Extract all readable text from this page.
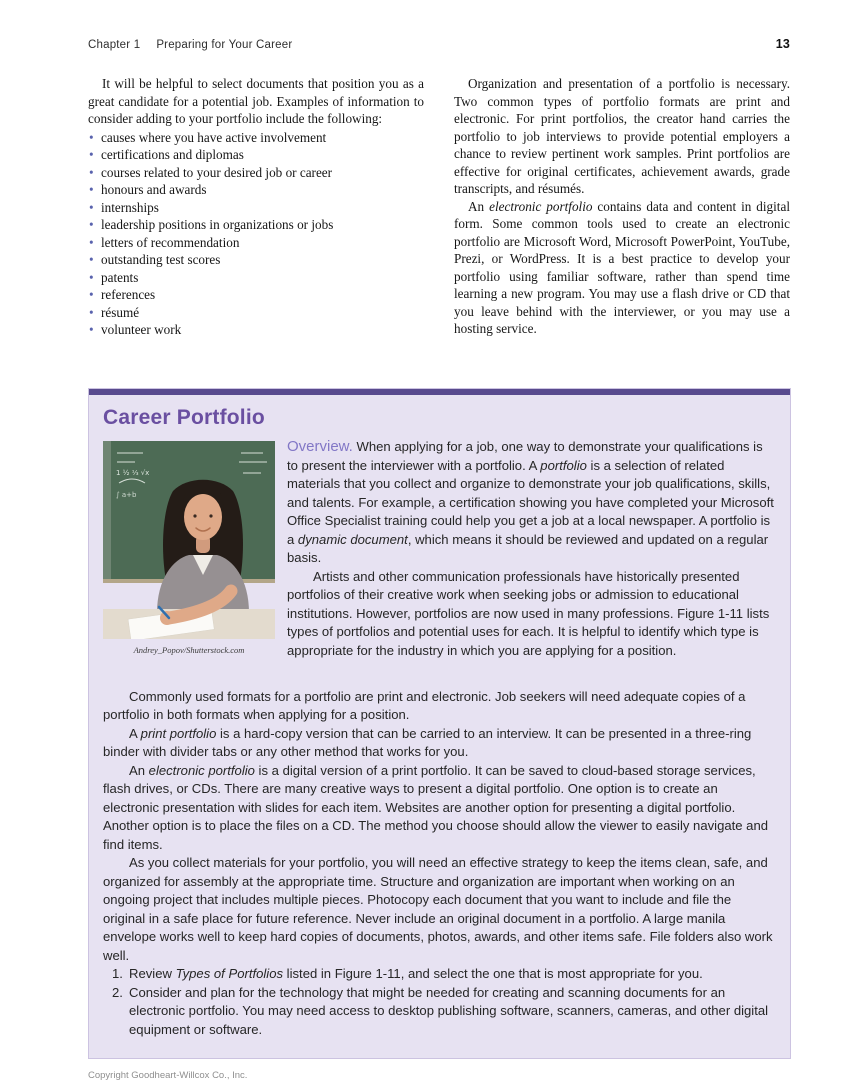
Chapter 1 Preparing for Your Career	13

It will be helpful to select documents that position you as a great candidate for a potential job. Examples of information to consider adding to your portfolio include the following:

• causes where you have active involvement
• certifications and diplomas
• courses related to your desired job or career
• honours and awards
• internships
• leadership positions in organizations or jobs
• letters of recommendation
• outstanding test scores
• patents
• references
• résumé
• volunteer work

Organization and presentation of a portfolio is necessary. Two common types of portfolio formats are print and electronic. For print portfolios, the creator hand carries the portfolio to job interviews to provide potential employers a chance to review pertinent work samples. Print portfolios are effective for original certificates, achievement awards, grade transcripts, and résumés.

An electronic portfolio contains data and content in digital form. Some common tools used to create an electronic portfolio are Microsoft Word, Microsoft PowerPoint, YouTube, Prezi, or WordPress. It is a best practice to develop your portfolio using familiar software, rather than spend time learning a new program. You may use a flash drive or CD that you leave behind with the interviewer, or you may use a hosting service.

Career Portfolio
1 ½ ⅓ √x
∫ a+b
Andrey_Popov/Shutterstock.com

Overview. When applying for a job, one way to demonstrate your qualifications is to present the interviewer with a portfolio. A portfolio is a selection of related materials that you collect and organize to demonstrate your job qualifications, skills, and talents. For example, a certification showing you have completed your Microsoft Office Specialist training could help you get a job at a local newspaper. A portfolio is a dynamic document, which means it should be reviewed and updated on a regular basis.

Artists and other communication professionals have historically presented portfolios of their creative work when seeking jobs or admission to educational institutions. However, portfolios are now used in many professions. Figure 1-11 lists types of portfolios and potential uses for each. It is helpful to identify which type is appropriate for the industry in which you are applying for a position.

Commonly used formats for a portfolio are print and electronic. Job seekers will need adequate copies of a portfolio in both formats when applying for a position.

A print portfolio is a hard-copy version that can be carried to an interview. It can be presented in a three-ring binder with divider tabs or any other method that works for you.

An electronic portfolio is a digital version of a print portfolio. It can be saved to cloud-based storage services, flash drives, or CDs. There are many creative ways to present a digital portfolio. One option is to create an electronic presentation with slides for each item. Websites are another option for presenting a digital portfolio. Another option is to place the files on a CD. The method you choose should allow the viewer to easily navigate and find items.

As you collect materials for your portfolio, you will need an effective strategy to keep the items clean, safe, and organized for assembly at the appropriate time. Structure and organization are important when working on an ongoing project that includes multiple pieces. Photocopy each document that you want to include and file the original in a safe place for future reference. Never include an original document in a portfolio. A large manila envelope works well to keep hard copies of documents, photos, awards, and other items safe. File folders also work well.

1. Review Types of Portfolios listed in Figure 1-11, and select the one that is most appropriate for you.
2. Consider and plan for the technology that might be needed for creating and scanning documents for an electronic portfolio. You may need access to desktop publishing software, scanners, cameras, and other digital equipment or software.
Copyright Goodheart-Willcox Co., Inc.
